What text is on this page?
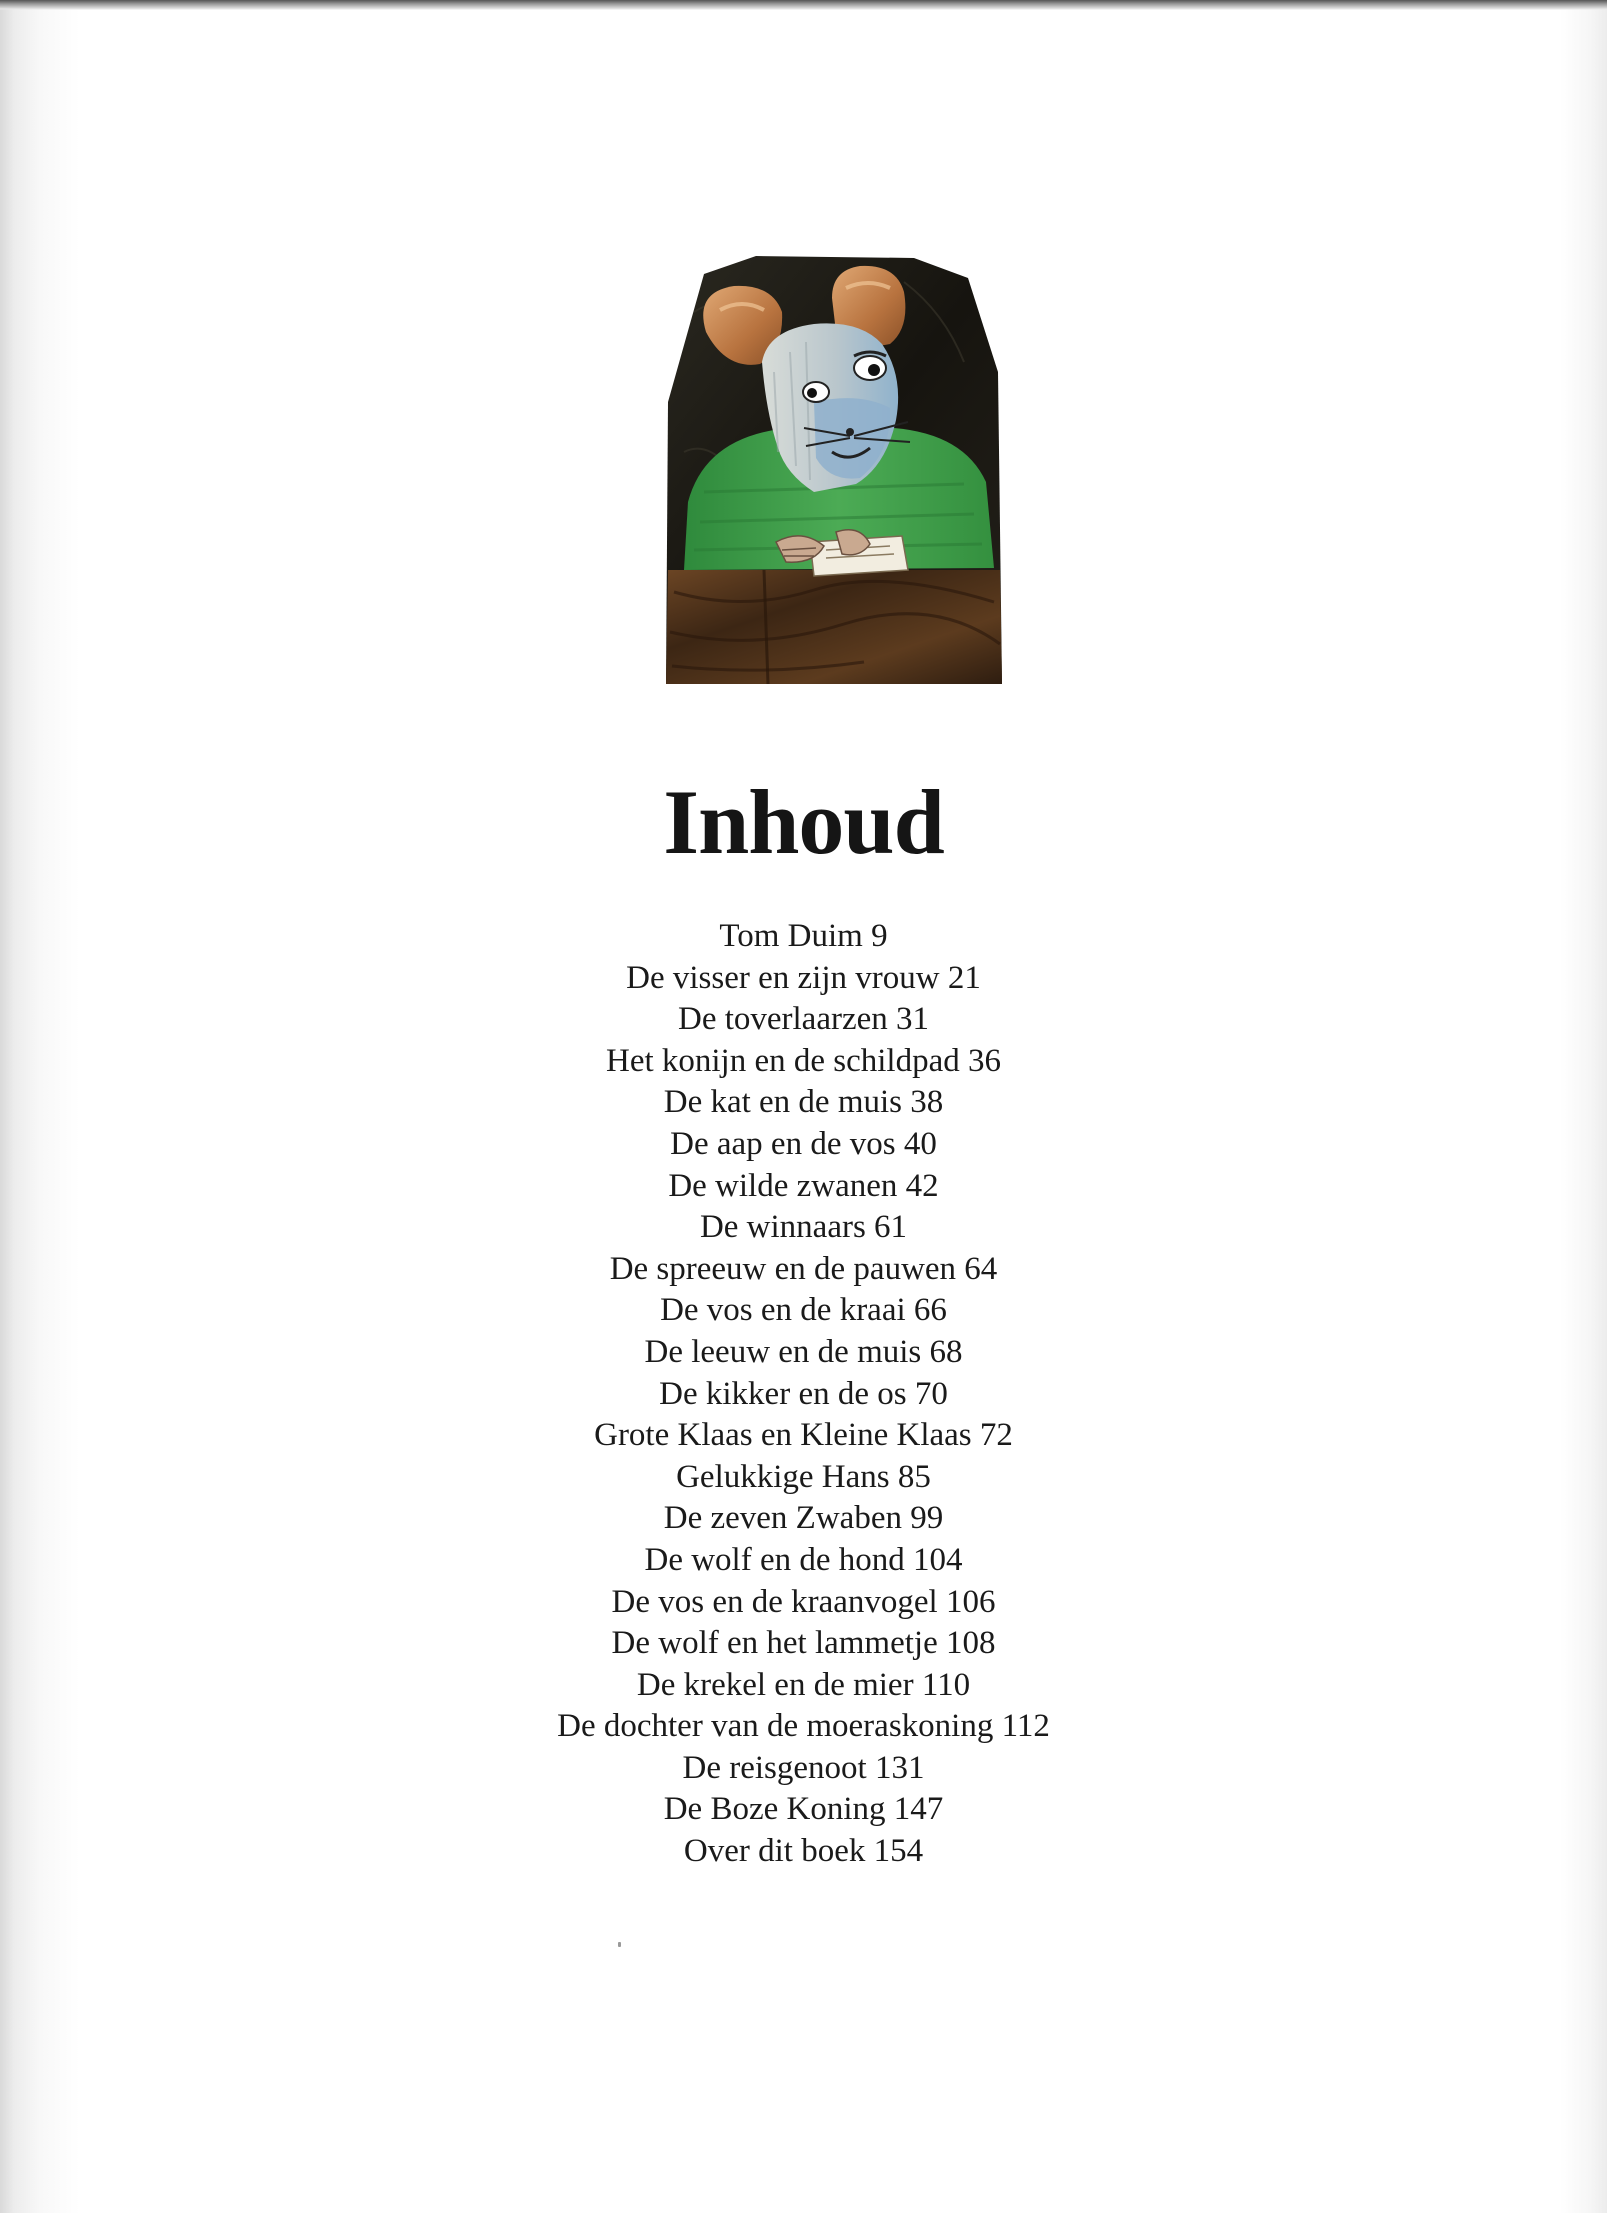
Inhoud
Tom Duim 9
De visser en zijn vrouw 21
De toverlaarzen 31
Het konijn en de schildpad 36
De kat en de muis 38
De aap en de vos 40
De wilde zwanen 42
De winnaars 61
De spreeuw en de pauwen 64
De vos en de kraai 66
De leeuw en de muis 68
De kikker en de os 70
Grote Klaas en Kleine Klaas 72
Gelukkige Hans 85
De zeven Zwaben 99
De wolf en de hond 104
De vos en de kraanvogel 106
De wolf en het lammetje 108
De krekel en de mier 110
De dochter van de moeraskoning 112
De reisgenoot 131
De Boze Koning 147
Over dit boek 154
